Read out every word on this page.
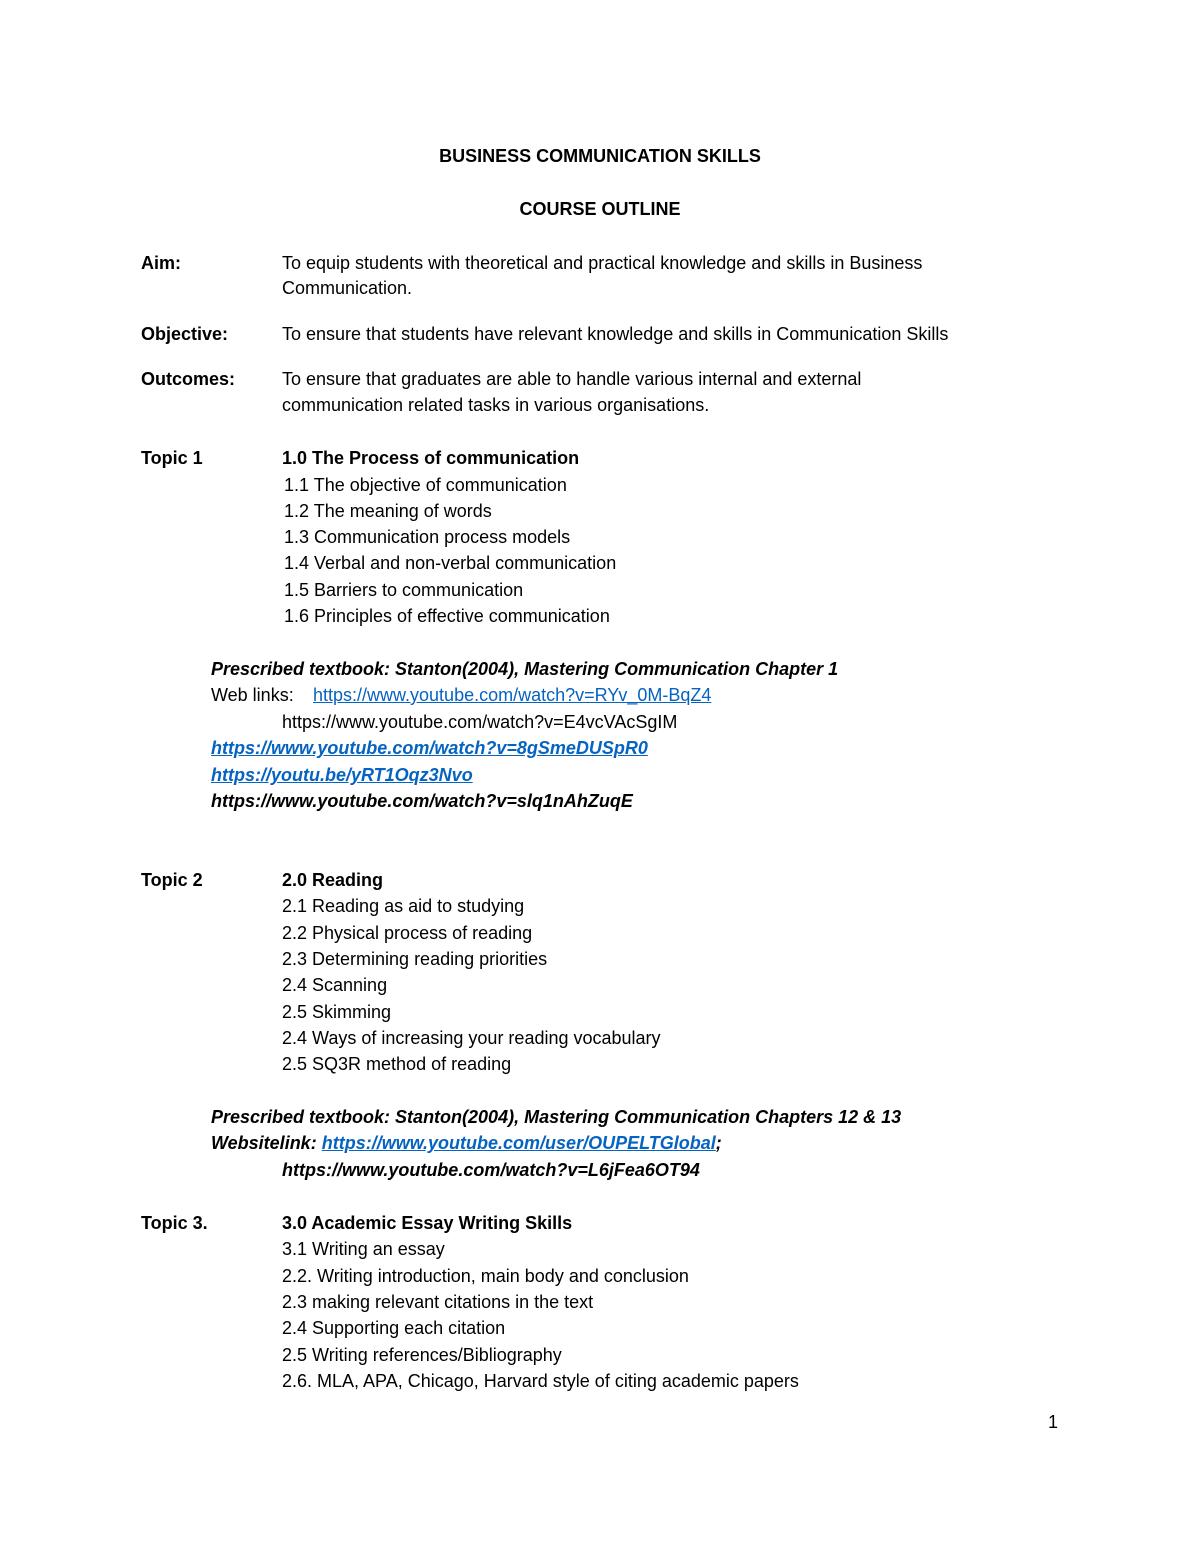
BUSINESS COMMUNICATION SKILLS
COURSE OUTLINE
Aim:	To equip students with theoretical and practical knowledge and skills in Business
Communication.
Objective:	To ensure that students have relevant knowledge and skills in Communication Skills
Outcomes:	To ensure that graduates are able to handle various internal and external
communication related tasks in various organisations.
Topic 1	1.0 The Process of communication
1.1 The objective of communication
1.2 The meaning of words
1.3 Communication process models
1.4 Verbal and non-verbal communication
1.5 Barriers to communication
1.6 Principles of effective communication
Prescribed textbook: Stanton(2004), Mastering Communication Chapter 1
Web links: https://www.youtube.com/watch?v=RYv_0M-BqZ4
https://www.youtube.com/watch?v=E4vcVAcSgIM
https://www.youtube.com/watch?v=8gSmeDUSpR0
https://youtu.be/yRT1Oqz3Nvo
https://www.youtube.com/watch?v=slq1nAhZuqE
Topic 2	2.0 Reading
2.1 Reading as aid to studying
2.2 Physical process of reading
2.3 Determining reading priorities
2.4 Scanning
2.5 Skimming
2.4 Ways of increasing your reading vocabulary
2.5 SQ3R method of reading
Prescribed textbook: Stanton(2004), Mastering Communication Chapters 12 & 13
Websitelink: https://www.youtube.com/user/OUPELTGlobal;
https://www.youtube.com/watch?v=L6jFea6OT94
Topic 3.	3.0 Academic Essay Writing Skills
3.1 Writing an essay
2.2. Writing introduction, main body and conclusion
2.3 making relevant citations in the text
2.4 Supporting each citation
2.5 Writing references/Bibliography
2.6. MLA, APA, Chicago, Harvard style of citing academic papers
1
